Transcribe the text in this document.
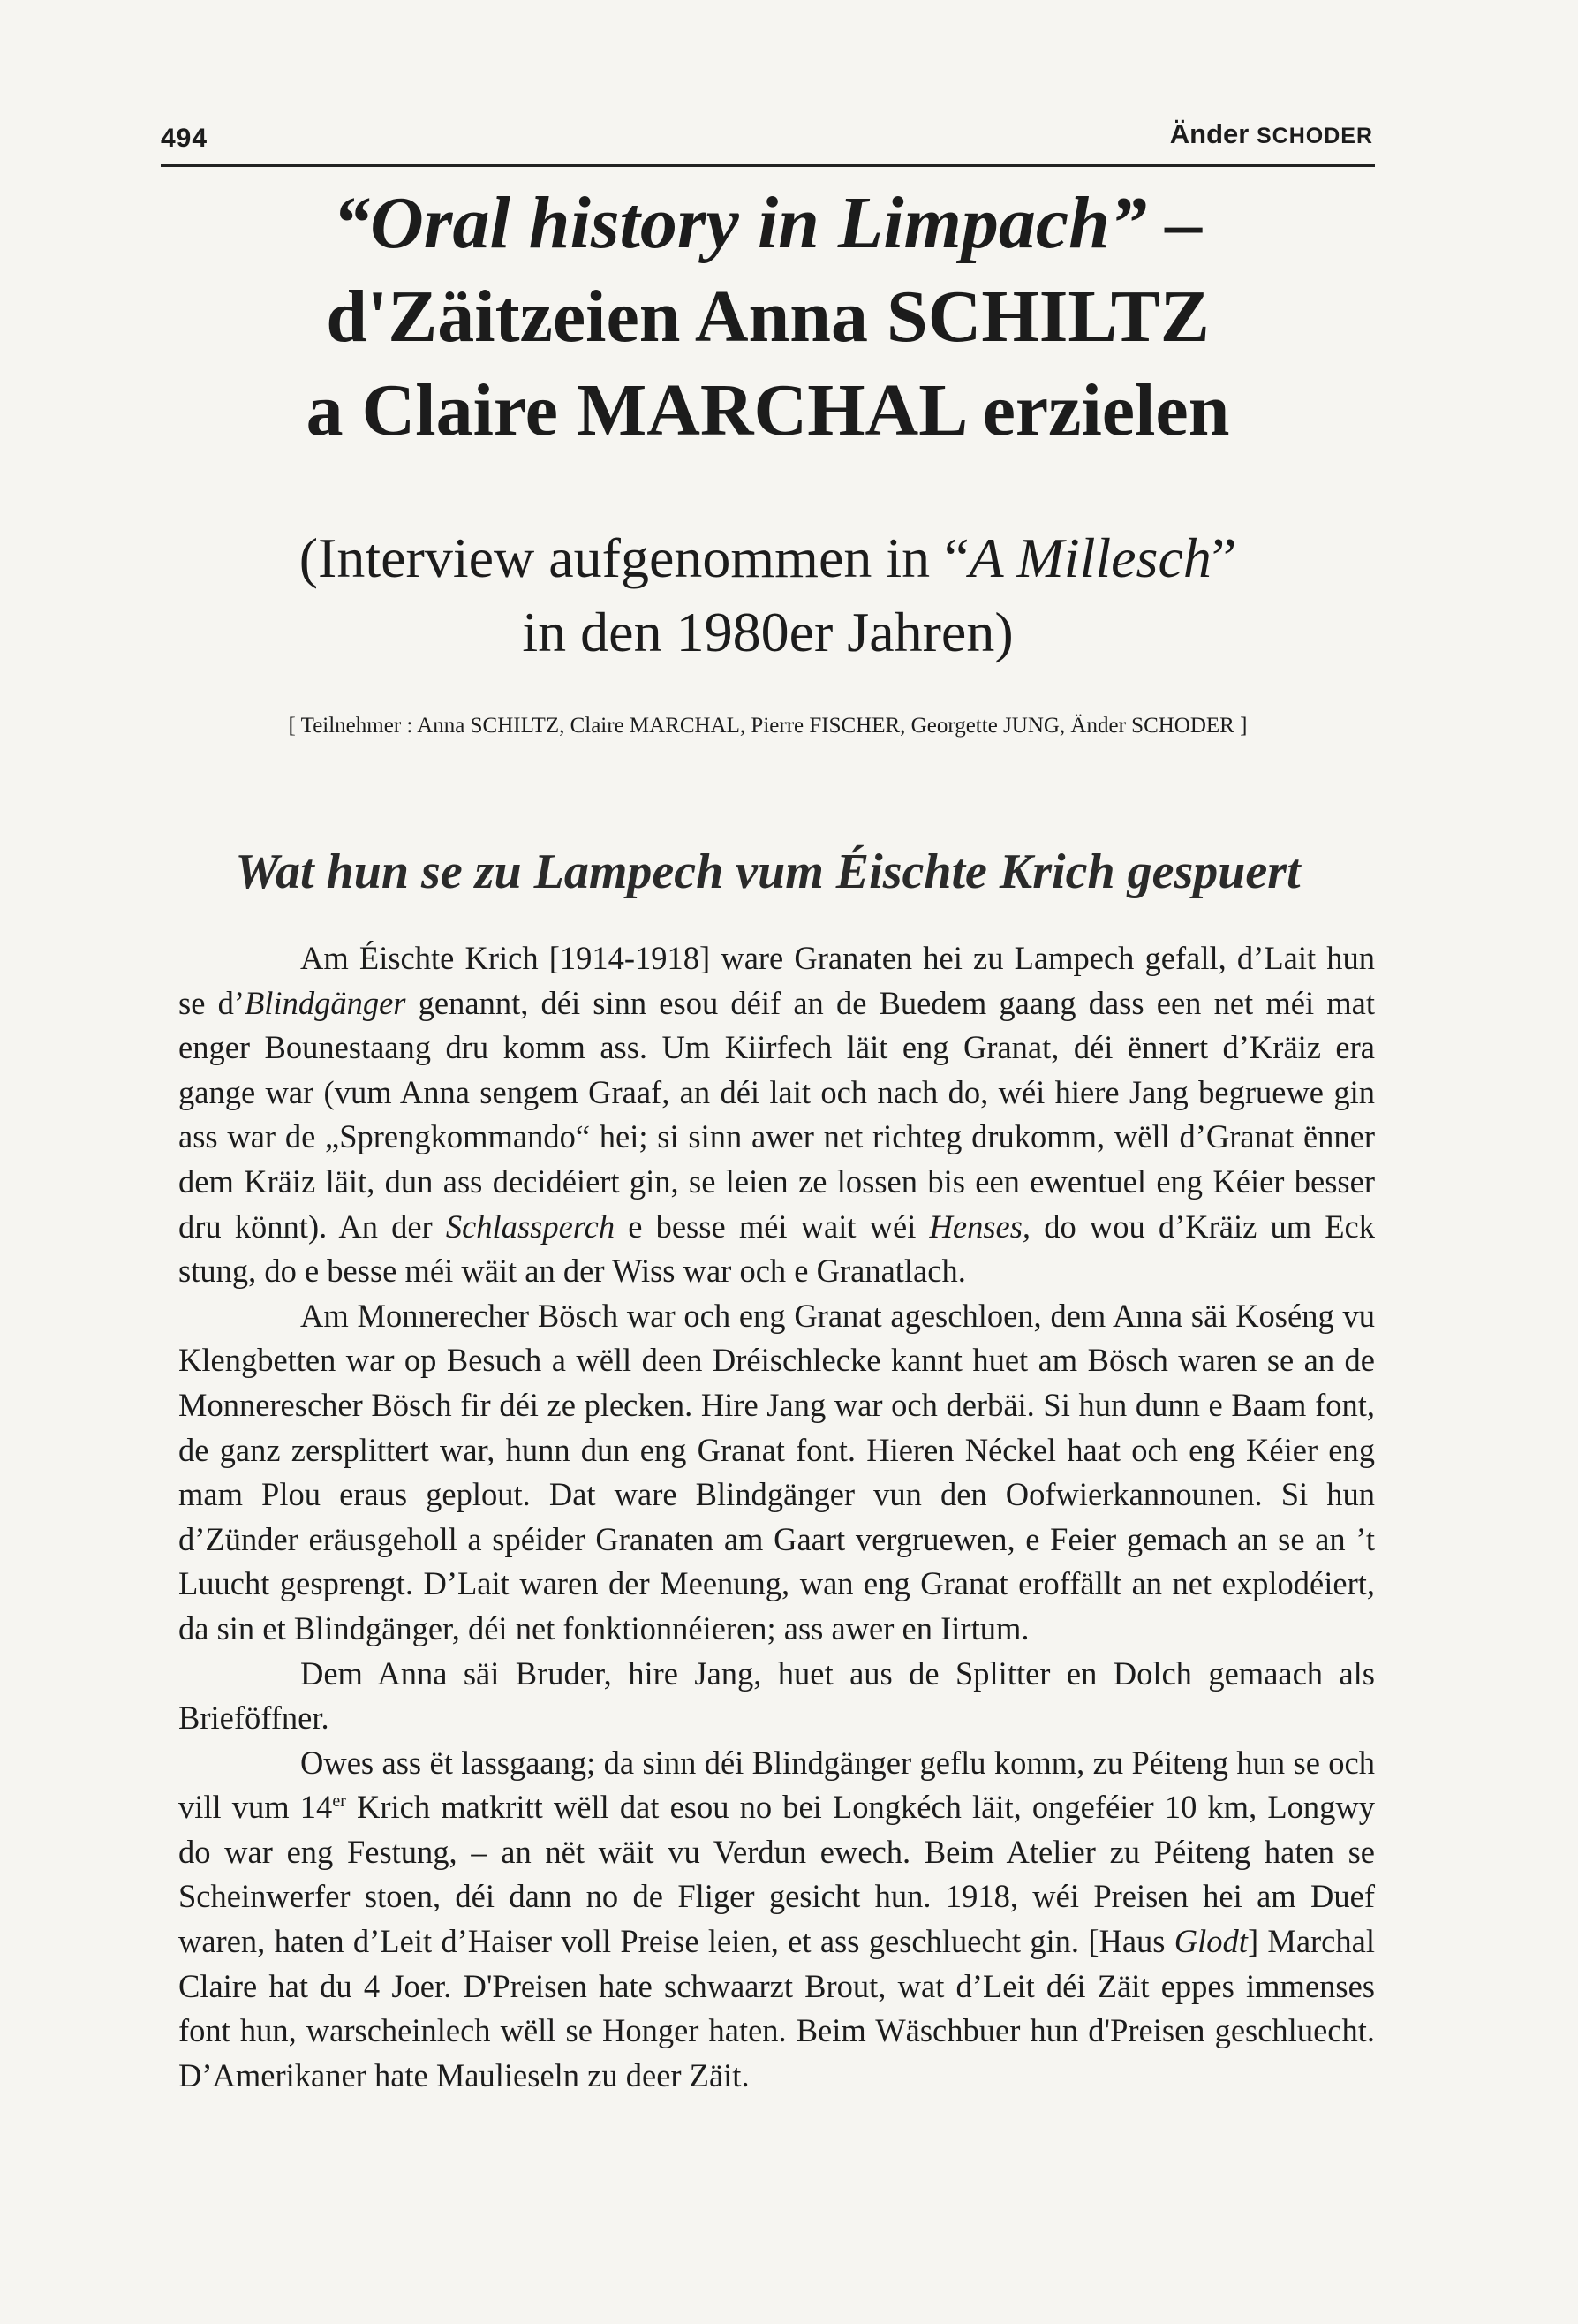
494	Änder SCHODER
“Oral history in Limpach” –
d'Zäitzeien Anna SCHILTZ
a Claire MARCHAL erzielen
(Interview aufgenommen in “A Millesch”
in den 1980er Jahren)
[ Teilnehmer : Anna SCHILTZ, Claire MARCHAL, Pierre FISCHER, Georgette JUNG, Änder SCHODER ]
Wat hun se zu Lampech vum Éischte Krich gespuert

Am Éischte Krich [1914-1918] ware Granaten hei zu Lampech gefall, d’Lait hun se d’Blindgänger genannt, déi sinn esou déif an de Buedem gaang dass een net méi mat enger Bounestaang dru komm ass. Um Kiirfech läit eng Granat, déi ënnert d’Kräiz era gange war (vum Anna sengem Graaf, an déi lait och nach do, wéi hiere Jang begruewe gin ass war de „Sprengkommando“ hei; si sinn awer net richteg drukomm, wëll d’Granat ënner dem Kräiz läit, dun ass decidéiert gin, se leien ze lossen bis een ewentuel eng Kéier besser dru könnt). An der Schlassperch e besse méi wait wéi Henses, do wou d’Kräiz um Eck stung, do e besse méi wäit an der Wiss war och e Granatlach.

Am Monnerecher Bösch war och eng Granat ageschloen, dem Anna säi Koséng vu Klengbetten war op Besuch a wëll deen Dréischlecke kannt huet am Bösch waren se an de Monnerescher Bösch fir déi ze plecken. Hire Jang war och derbäi. Si hun dunn e Baam font, de ganz zersplittert war, hunn dun eng Granat font. Hieren Néckel haat och eng Kéier eng mam Plou eraus geplout. Dat ware Blindgänger vun den Oofwierkannounen. Si hun d’Zünder eräusgeholl a spéider Granaten am Gaart vergruewen, e Feier gemach an se an ’t Luucht gesprengt. D’Lait waren der Meenung, wan eng Granat eroffällt an net explodéiert, da sin et Blindgänger, déi net fonktionnéieren; ass awer en Iirtum.

Dem Anna säi Bruder, hire Jang, huet aus de Splitter en Dolch gemaach als Brieföffner.

Owes ass ët lassgaang; da sinn déi Blindgänger geflu komm, zu Péiteng hun se och vill vum 14er Krich matkritt wëll dat esou no bei Longkéch läit, ongeféier 10 km, Longwy do war eng Festung, – an nët wäit vu Verdun ewech. Beim Atelier zu Péiteng haten se Scheinwerfer stoen, déi dann no de Fliger gesicht hun. 1918, wéi Preisen hei am Duef waren, haten d’Leit d’Haiser voll Preise leien, et ass geschluecht gin. [Haus Glodt] Marchal Claire hat du 4 Joer. D'Preisen hate schwaarzt Brout, wat d’Leit déi Zäit eppes immenses font hun, warscheinlech wëll se Honger haten. Beim Wäschbuer hun d'Preisen geschluecht. D’Amerikaner hate Maulieseln zu deer Zäit.
